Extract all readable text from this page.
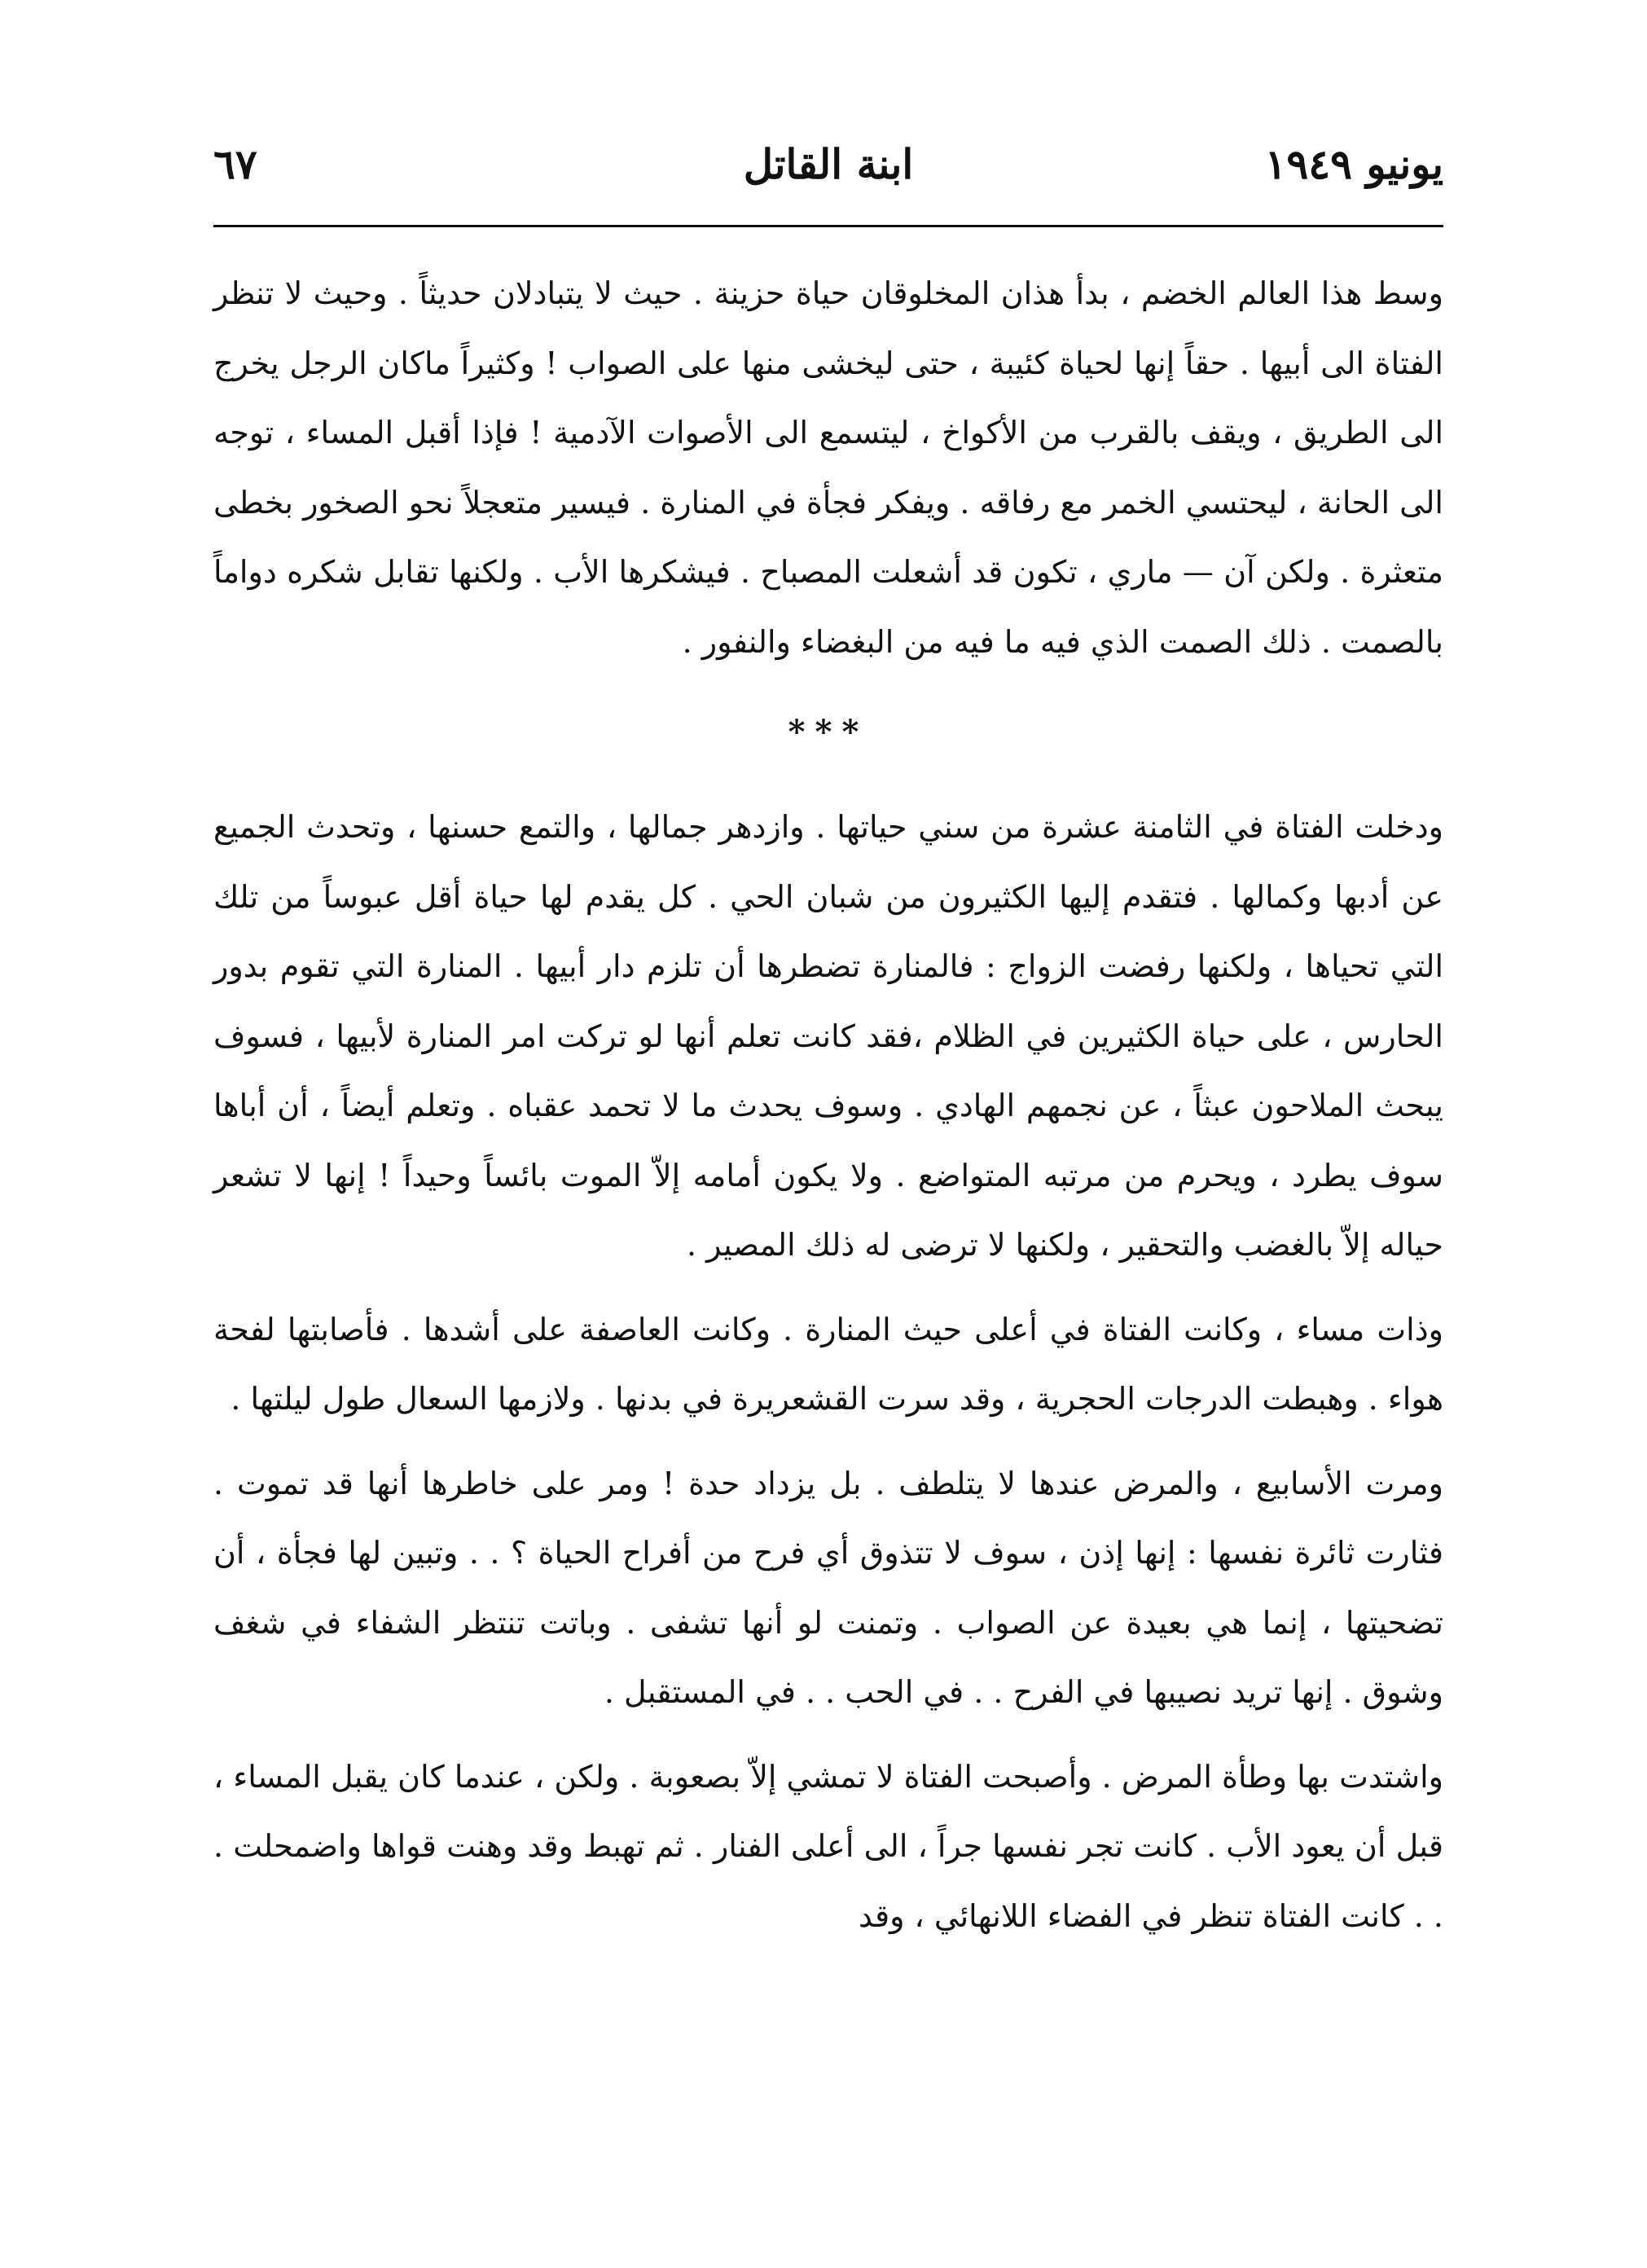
يونيو ١٩٤٩
ابنة القاتل
٦٧

وسط هذا العالم الخضم ، بدأ هذان المخلوقان حياة حزينة . حيث لا يتبادلان حديثاً . وحيث لا تنظر الفتاة الى أبيها . حقاً إنها لحياة كئيبة ، حتى ليخشى منها على الصواب ! وكثيراً ماكان الرجل يخرج الى الطريق ، ويقف بالقرب من الأكواخ ، ليتسمع الى الأصوات الآدمية ! فإذا أقبل المساء ، توجه الى الحانة ، ليحتسي الخمر مع رفاقه . ويفكر فجأة في المنارة . فيسير متعجلاً نحو الصخور بخطى متعثرة . ولكن آن — ماري ، تكون قد أشعلت المصباح . فيشكرها الأب . ولكنها تقابل شكره دواماً بالصمت . ذلك الصمت الذي فيه ما فيه من البغضاء والنفور .

***

ودخلت الفتاة في الثامنة عشرة من سني حياتها . وازدهر جمالها ، والتمع حسنها ، وتحدث الجميع عن أدبها وكمالها . فتقدم إليها الكثيرون من شبان الحي . كل يقدم لها حياة أقل عبوساً من تلك التي تحياها ، ولكنها رفضت الزواج : فالمنارة تضطرها أن تلزم دار أبيها . المنارة التي تقوم بدور الحارس ، على حياة الكثيرين في الظلام ،فقد كانت تعلم أنها لو تركت امر المنارة لأبيها ، فسوف يبحث الملاحون عبثاً ، عن نجمهم الهادي . وسوف يحدث ما لا تحمد عقباه . وتعلم أيضاً ، أن أباها سوف يطرد ، ويحرم من مرتبه المتواضع . ولا يكون أمامه إلاّ الموت بائساً وحيداً ! إنها لا تشعر حياله إلاّ بالغضب والتحقير ، ولكنها لا ترضى له ذلك المصير .

وذات مساء ، وكانت الفتاة في أعلى حيث المنارة . وكانت العاصفة على أشدها . فأصابتها لفحة هواء . وهبطت الدرجات الحجرية ، وقد سرت القشعريرة في بدنها . ولازمها السعال طول ليلتها .

ومرت الأسابيع ، والمرض عندها لا يتلطف . بل يزداد حدة ! ومر على خاطرها أنها قد تموت . فثارت ثائرة نفسها : إنها إذن ، سوف لا تتذوق أي فرح من أفراح الحياة ؟ . . وتبين لها فجأة ، أن تضحيتها ، إنما هي بعيدة عن الصواب . وتمنت لو أنها تشفى . وباتت تنتظر الشفاء في شغف وشوق . إنها تريد نصيبها في الفرح . . في الحب . . في المستقبل .

واشتدت بها وطأة المرض . وأصبحت الفتاة لا تمشي إلاّ بصعوبة . ولكن ، عندما كان يقبل المساء ، قبل أن يعود الأب . كانت تجر نفسها جراً ، الى أعلى الفنار . ثم تهبط وقد وهنت قواها واضمحلت . . . كانت الفتاة تنظر في الفضاء اللانهائي ، وقد
